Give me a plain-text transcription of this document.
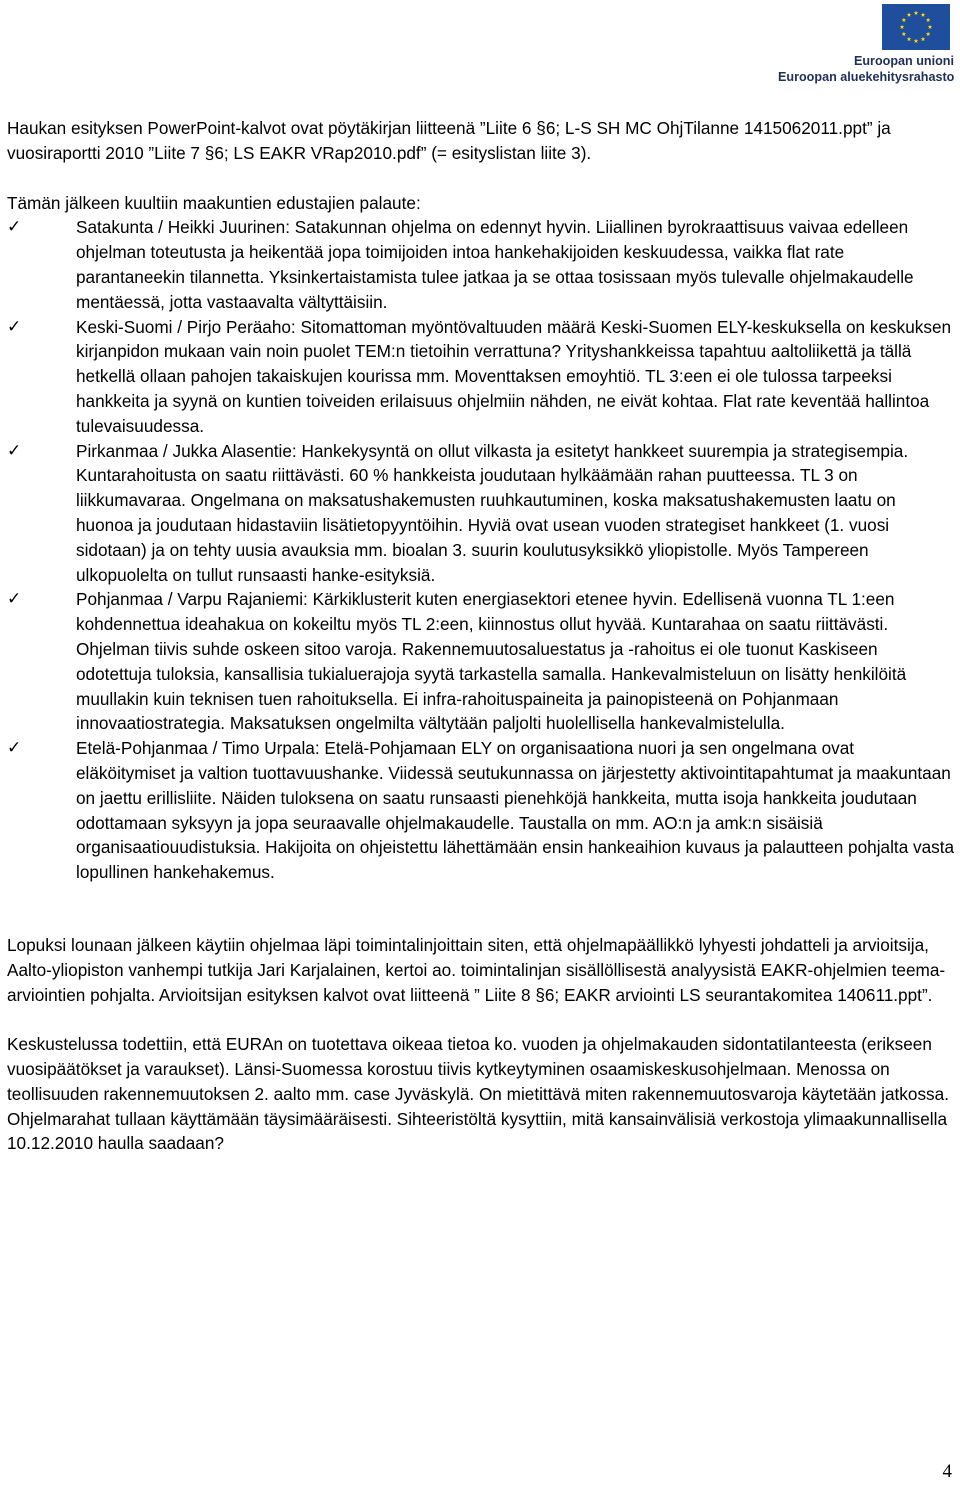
Euroopan unioni
Euroopan aluekehitysrahasto

Haukan esityksen PowerPoint-kalvot ovat pöytäkirjan liitteenä ”Liite 6 §6; L-S SH MC OhjTilanne 1415062011.ppt” ja vuosiraportti 2010 ”Liite 7 §6; LS EAKR VRap2010.pdf” (= esityslistan liite 3).

Tämän jälkeen kuultiin maakuntien edustajien palaute:

✓	Satakunta / Heikki Juurinen: Satakunnan ohjelma on edennyt hyvin. Liiallinen byrokraattisuus vaivaa edelleen ohjelman toteutusta ja heikentää jopa toimijoiden intoa hankehakijoiden keskuudessa, vaikka flat rate parantaneekin tilannetta. Yksinkertaistamista tulee jatkaa ja se ottaa tosissaan myös tulevalle ohjelmakaudelle mentäessä, jotta vastaavalta vältyttäisiin.
✓	Keski-Suomi / Pirjo Peräaho: Sitomattoman myöntövaltuuden määrä Keski-Suomen ELY-keskuksella on keskuksen kirjanpidon mukaan vain noin puolet TEM:n tietoihin verrattuna? Yrityshankkeissa tapahtuu aaltoliikettä ja tällä hetkellä ollaan pahojen takaiskujen kourissa mm. Moventtaksen emoyhtiö. TL 3:een ei ole tulossa tarpeeksi hankkeita ja syynä on kuntien toiveiden erilaisuus ohjelmiin nähden, ne eivät kohtaa. Flat rate keventää hallintoa tulevaisuudessa.
✓	Pirkanmaa / Jukka Alasentie: Hankekysyntä on ollut vilkasta ja esitetyt hankkeet suurempia ja strategisempia. Kuntarahoitusta on saatu riittävästi. 60 % hankkeista joudutaan hylkäämään rahan puutteessa. TL 3 on liikkumavaraa. Ongelmana on maksatushakemusten ruuhkautuminen, koska maksatushakemusten laatu on huonoa ja joudutaan hidastaviin lisätietopyyntöihin. Hyviä ovat usean vuoden strategiset hankkeet (1. vuosi sidotaan) ja on tehty uusia avauksia mm. bioalan 3. suurin koulutusyksikkö yliopistolle. Myös Tampereen ulkopuolelta on tullut runsaasti hanke-esityksiä.
✓	Pohjanmaa / Varpu Rajaniemi: Kärkiklusterit kuten energiasektori etenee hyvin. Edellisenä vuonna TL 1:een kohdennettua ideahakua on kokeiltu myös TL 2:een, kiinnostus ollut hyvää. Kuntarahaa on saatu riittävästi. Ohjelman tiivis suhde oskeen sitoo varoja. Rakennemuutosaluestatus ja -rahoitus ei ole tuonut Kaskiseen odotettuja tuloksia, kansallisia tukialuerajoja syytä tarkastella samalla. Hankevalmisteluun on lisätty henkilöitä muullakin kuin teknisen tuen rahoituksella. Ei infra-rahoituspaineita ja painopisteenä on Pohjanmaan innovaatiostrategia. Maksatuksen ongelmilta vältytään paljolti huolellisella hankevalmistelulla.
✓	Etelä-Pohjanmaa / Timo Urpala: Etelä-Pohjamaan ELY on organisaationa nuori ja sen ongelmana ovat eläköitymiset ja valtion tuottavuushanke. Viidessä seutukunnassa on järjestetty aktivointitapahtumat ja maakuntaan on jaettu erillisliite. Näiden tuloksena on saatu runsaasti pienehköjä hankkeita, mutta isoja hankkeita joudutaan odottamaan syksyyn ja jopa seuraavalle ohjelmakaudelle. Taustalla on mm. AO:n ja amk:n sisäisiä organisaatiouudistuksia. Hakijoita on ohjeistettu lähettämään ensin hankeaihion kuvaus ja palautteen pohjalta vasta lopullinen hankehakemus.

Lopuksi lounaan jälkeen käytiin ohjelmaa läpi toimintalinjoittain siten, että ohjelmapäällikkö lyhyesti johdatteli ja arvioitsija, Aalto-yliopiston vanhempi tutkija Jari Karjalainen, kertoi ao. toimintalinjan sisällöllisestä analyysistä EAKR-ohjelmien teema-arviointien pohjalta. Arvioitsijan esityksen kalvot ovat liitteenä ” Liite 8 §6; EAKR arviointi LS seurantakomitea 140611.ppt”.

Keskustelussa todettiin, että EURAn on tuotettava oikeaa tietoa ko. vuoden ja ohjelmakauden sidontatilanteesta (erikseen vuosipäätökset ja varaukset). Länsi-Suomessa korostuu tiivis kytkeytyminen osaamiskeskusohjelmaan. Menossa on teollisuuden rakennemuutoksen 2. aalto mm. case Jyväskylä. On mietittävä miten rakennemuutosvaroja käytetään jatkossa. Ohjelmarahat tullaan käyttämään täysimääräisesti. Sihteeristöltä kysyttiin, mitä kansainvälisiä verkostoja ylimaakunnallisella 10.12.2010 haulla saadaan?

4
